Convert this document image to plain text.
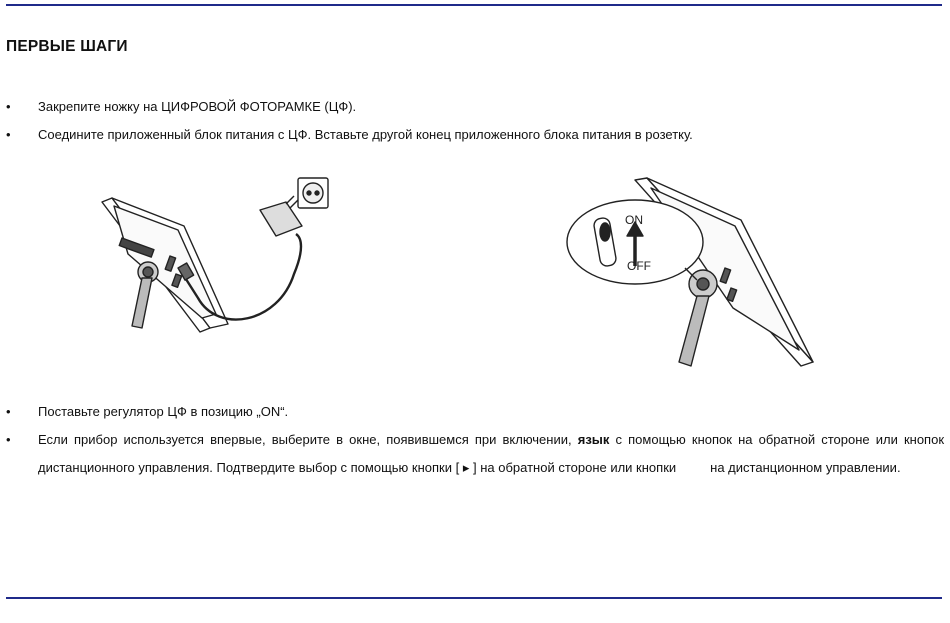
ПЕРВЫЕ ШАГИ
•	Закрепите ножку на ЦИФРОВОЙ ФОТОРАМКЕ (ЦФ).
•	Соедините приложенный блок питания с ЦФ. Вставьте другой конец приложенного блока питания в розетку.
ON
OFF
•	Поставьте регулятор ЦФ в позицию „ON“.
•	Если прибор используется впервые, выберите в окне, появившемся при включении, язык с помощью кнопок на обратной стороне или кнопок дистанционного управления. Подтвердите выбор с помощью кнопки [ ▸ ] на обратной стороне или кнопки	на дистанционном управлении.
